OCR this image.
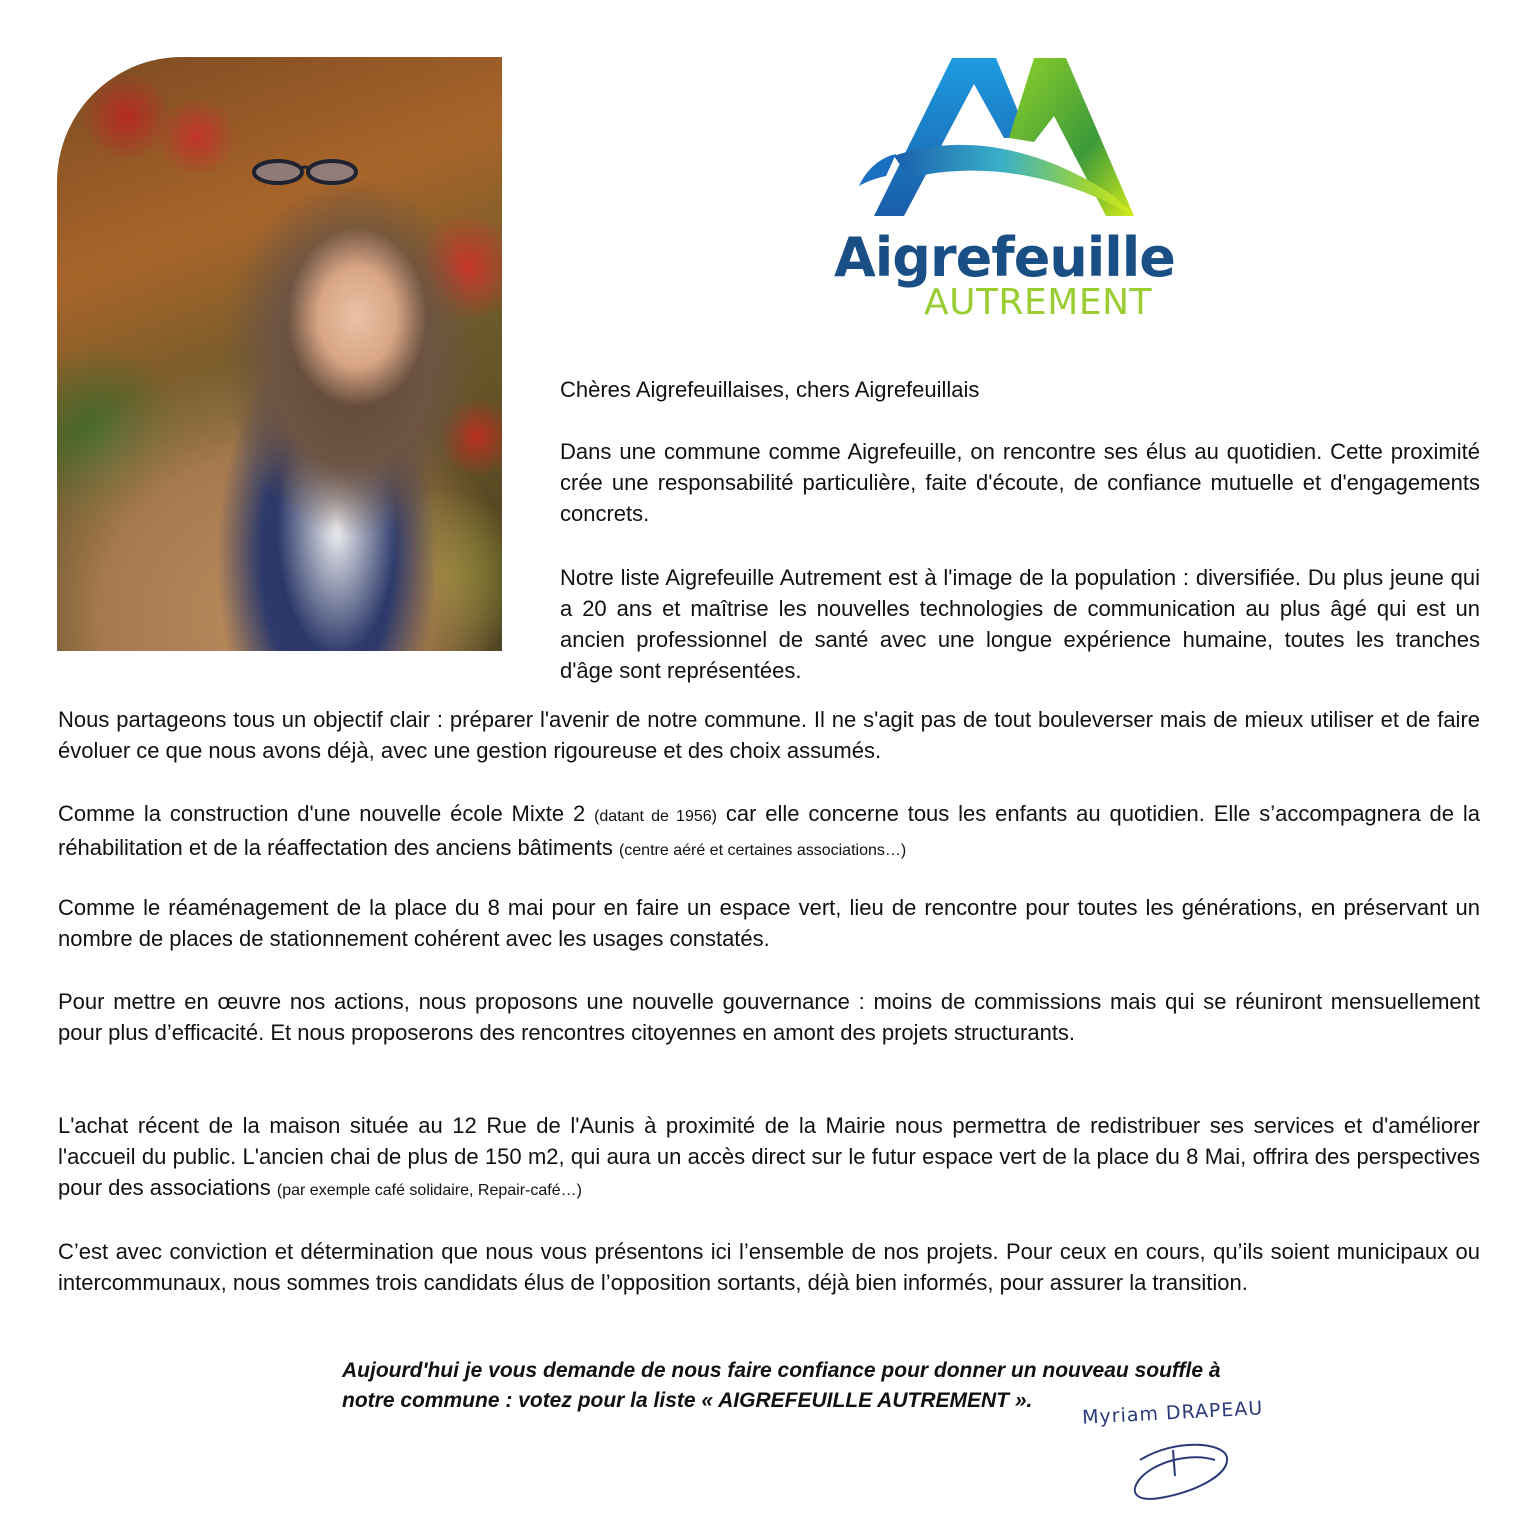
Aigrefeuille
AUTREMENT

Chères Aigrefeuillaises, chers Aigrefeuillais

Dans une commune comme Aigrefeuille, on rencontre ses élus au quotidien. Cette proximité crée une responsabilité particulière, faite d'écoute, de confiance mutuelle et d'engagements concrets.

Notre liste Aigrefeuille Autrement est à l'image de la population : diversifiée. Du plus jeune qui a 20 ans et maîtrise les nouvelles technologies de communication au plus âgé qui est un ancien professionnel de santé avec une longue expérience humaine, toutes les tranches d'âge sont représentées.

Nous partageons tous un objectif clair : préparer l'avenir de notre commune. Il ne s'agit pas de tout bouleverser mais de mieux utiliser et de faire évoluer ce que nous avons déjà, avec une gestion rigoureuse et des choix assumés.

Comme la construction d'une nouvelle école Mixte 2 (datant de 1956) car elle concerne tous les enfants au quotidien. Elle s’accompagnera de la réhabilitation et de la réaffectation des anciens bâtiments (centre aéré et certaines associations…)

Comme le réaménagement de la place du 8 mai pour en faire un espace vert, lieu de rencontre pour toutes les générations, en préservant un nombre de places de stationnement cohérent avec les usages constatés.

Pour mettre en œuvre nos actions, nous proposons une nouvelle gouvernance : moins de commissions mais qui se réuniront mensuellement pour plus d’efficacité. Et nous proposerons des rencontres citoyennes en amont des projets structurants.

L'achat récent de la maison située au 12 Rue de l'Aunis à proximité de la Mairie nous permettra de redistribuer ses services et d'améliorer l'accueil du public. L'ancien chai de plus de 150 m2, qui aura un accès direct sur le futur espace vert de la place du 8 Mai, offrira des perspectives pour des associations (par exemple café solidaire, Repair-café…)

C’est avec conviction et détermination que nous vous présentons ici l’ensemble de nos projets. Pour ceux en cours, qu’ils soient municipaux ou intercommunaux, nous sommes trois candidats élus de l’opposition sortants, déjà bien informés, pour assurer la transition.

Aujourd'hui je vous demande de nous faire confiance pour donner un nouveau souffle à
notre commune : votez pour la liste « AIGREFEUILLE AUTREMENT ».	Myriam DRAPEAU
